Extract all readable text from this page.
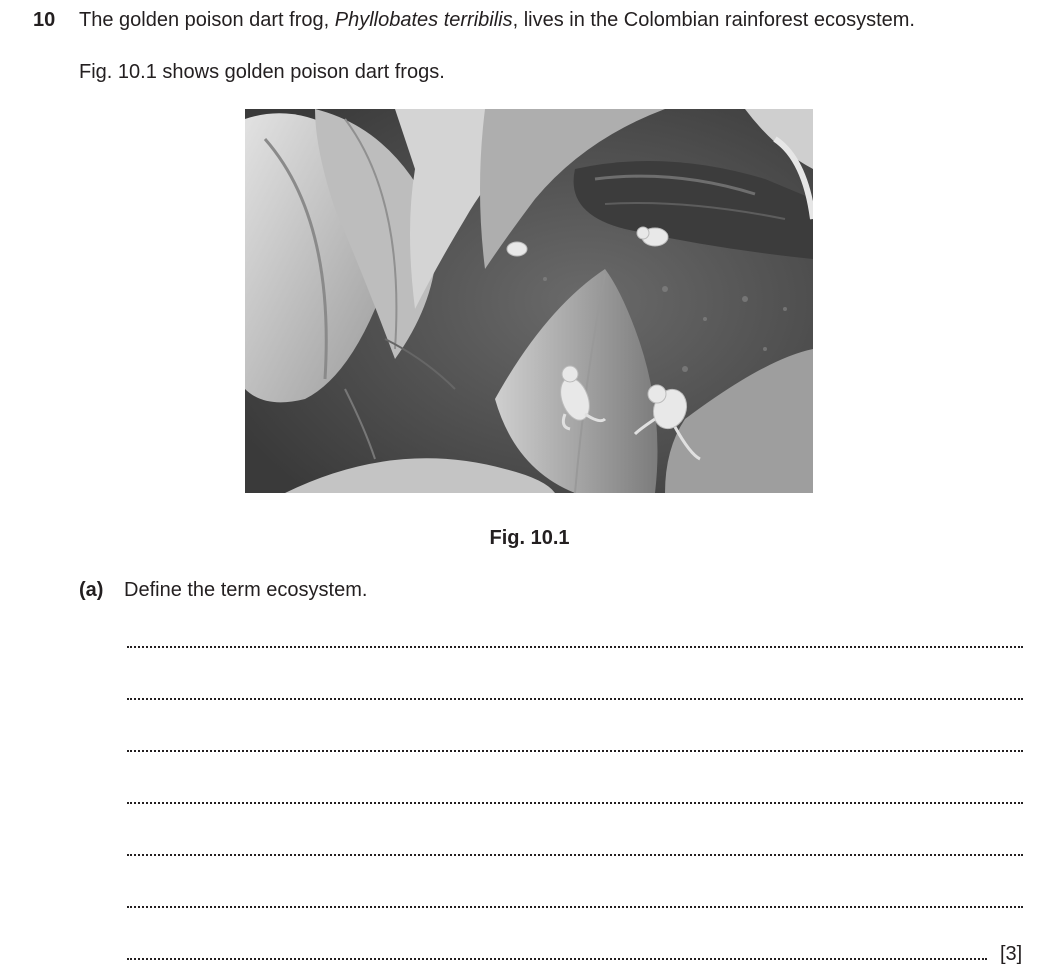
10 The golden poison dart frog, Phyllobates terribilis, lives in the Colombian rainforest ecosystem.
Fig. 10.1 shows golden poison dart frogs.
Fig. 10.1
(a) Define the term ecosystem.
[3]
